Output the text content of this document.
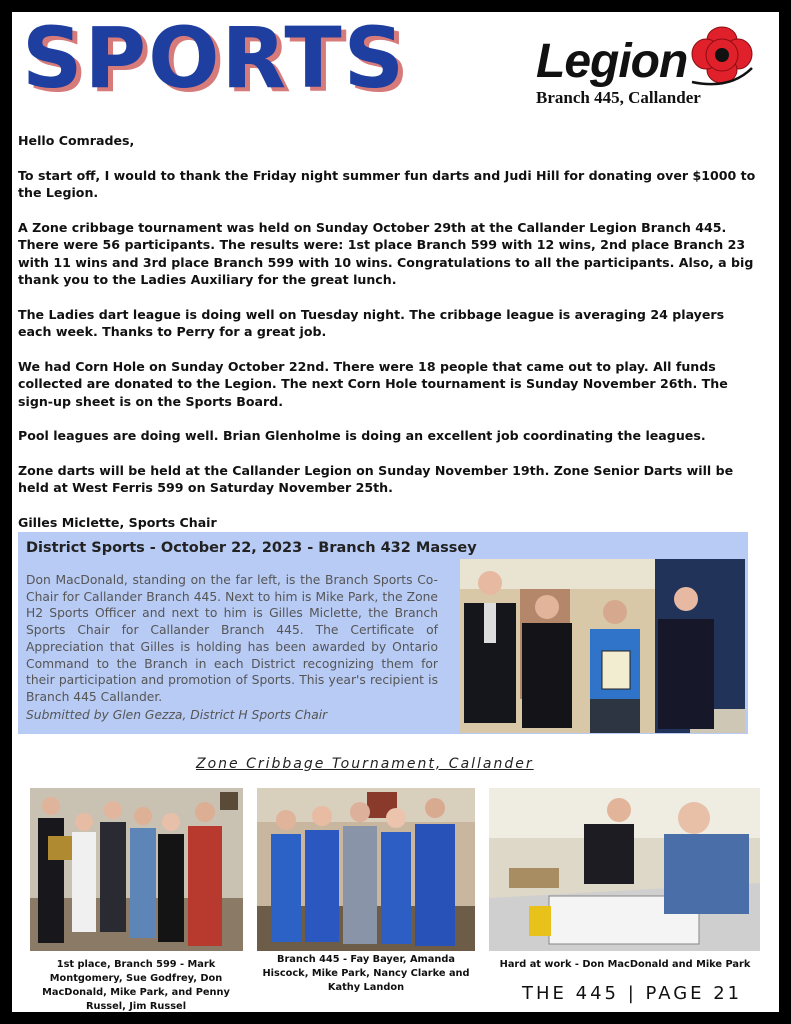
SPORTS	Legion
Branch 445, Callander

Hello Comrades,

To start off, I would to thank the Friday night summer fun darts and Judi Hill for donating over $1000 to the Legion.

A Zone cribbage tournament was held on Sunday October 29th at the Callander Legion Branch 445. There were 56 participants. The results were: 1st place Branch 599 with 12 wins, 2nd place Branch 23 with 11 wins and 3rd place Branch 599 with 10 wins. Congratulations to all the participants. Also, a big thank you to the Ladies Auxiliary for the great lunch.

The Ladies dart league is doing well on Tuesday night. The cribbage league is averaging 24 players each week. Thanks to Perry for a great job.

We had Corn Hole on Sunday October 22nd. There were 18 people that came out to play. All funds collected are donated to the Legion. The next Corn Hole tournament is Sunday November 26th. The sign-up sheet is on the Sports Board.

Pool leagues are doing well. Brian Glenholme is doing an excellent job coordinating the leagues.

Zone darts will be held at the Callander Legion on Sunday November 19th. Zone Senior Darts will be held at West Ferris 599 on Saturday November 25th.

Gilles Miclette, Sports Chair

District Sports - October 22, 2023 - Branch 432 Massey
Don MacDonald, standing on the far left, is the Branch Sports Co-Chair for Callander Branch 445. Next to him is Mike Park, the Zone H2 Sports Officer and next to him is Gilles Miclette, the Branch Sports Chair for Callander Branch 445. The Certificate of Appreciation that Gilles is holding has been awarded by Ontario Command to the Branch in each District recognizing them for their participation and promotion of Sports. This year's recipient is Branch 445 Callander.
Submitted by Glen Gezza, District H Sports Chair
Zone Cribbage Tournament, Callander
1st place, Branch 599 - Mark Montgomery, Sue Godfrey, Don MacDonald, Mike Park, and Penny Russel, Jim Russel
Branch 445 - Fay Bayer, Amanda Hiscock, Mike Park, Nancy Clarke and Kathy Landon
Hard at work - Don MacDonald and Mike Park
THE 445 | PAGE 21
